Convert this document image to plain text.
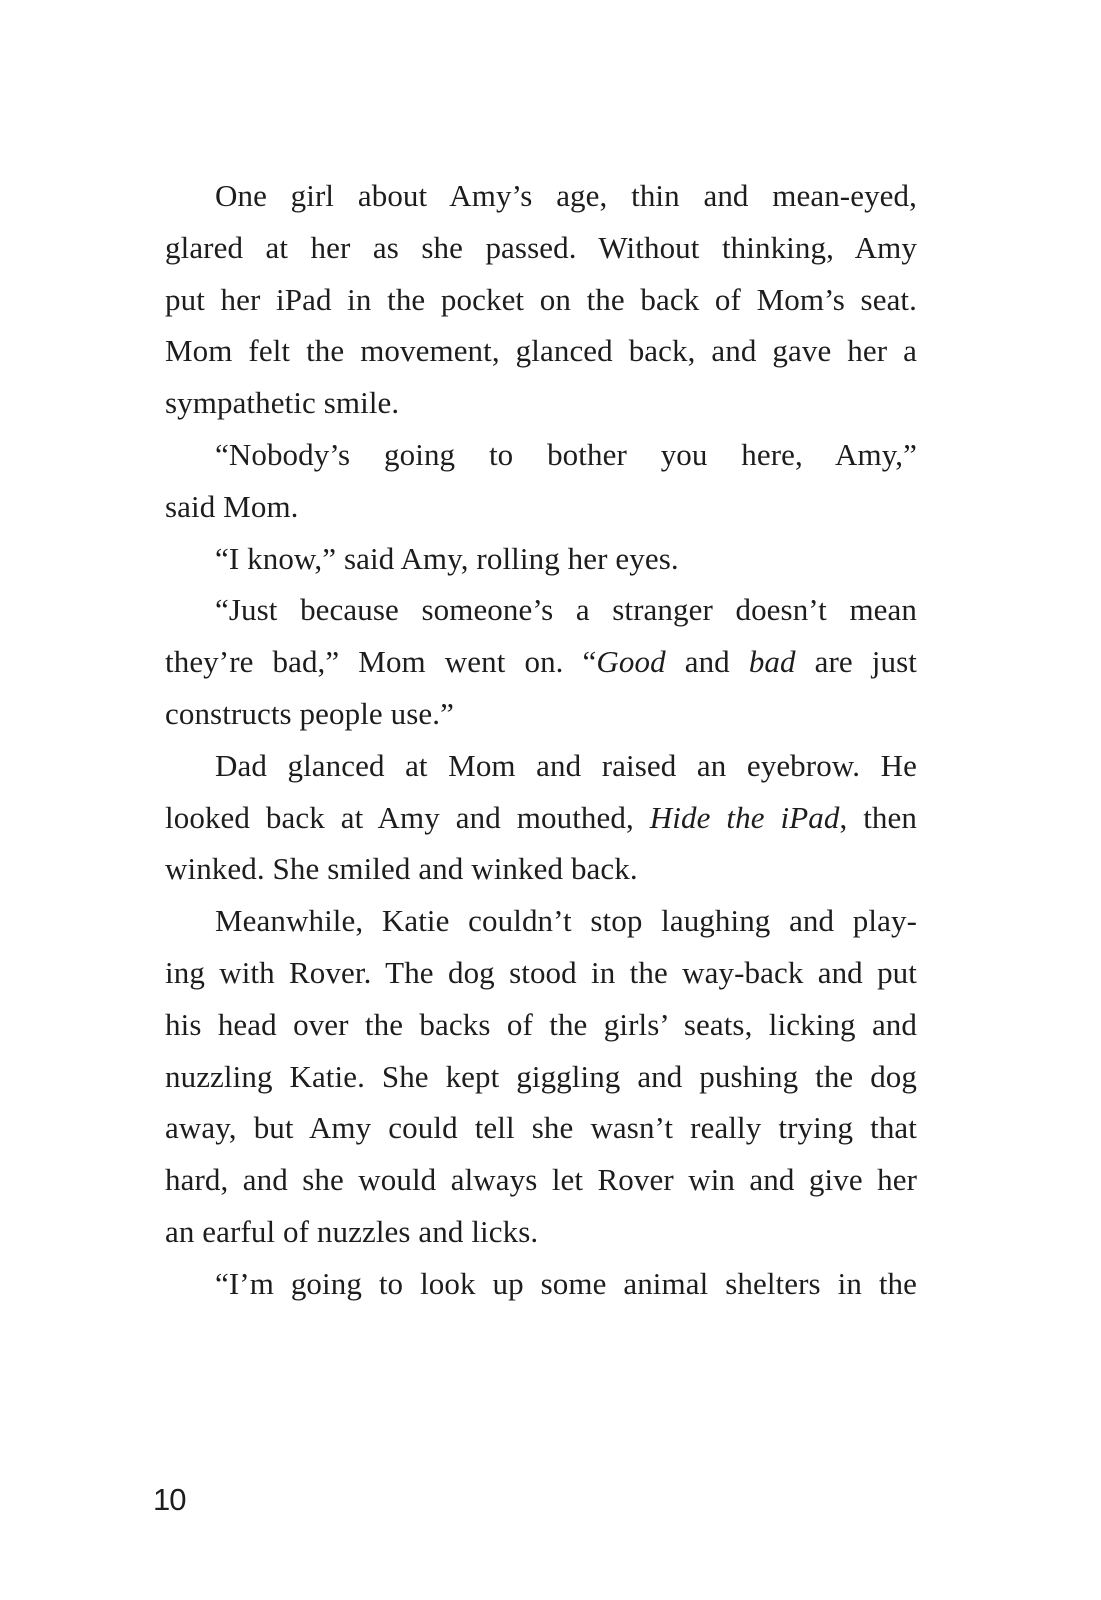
One girl about Amy’s age, thin and mean-eyed,
glared at her as she passed. Without thinking, Amy
put her iPad in the pocket on the back of Mom’s seat.
Mom felt the movement, glanced back, and gave her a
sympathetic smile.
“Nobody’s going to bother you here, Amy,”
said Mom.
“I know,” said Amy, rolling her eyes.
“Just because someone’s a stranger doesn’t mean
they’re bad,” Mom went on. “Good and bad are just
constructs people use.”
Dad glanced at Mom and raised an eyebrow. He
looked back at Amy and mouthed, Hide the iPad, then
winked. She smiled and winked back.
Meanwhile, Katie couldn’t stop laughing and play-
ing with Rover. The dog stood in the way-back and put
his head over the backs of the girls’ seats, licking and
nuzzling Katie. She kept giggling and pushing the dog
away, but Amy could tell she wasn’t really trying that
hard, and she would always let Rover win and give her
an earful of nuzzles and licks.
“I’m going to look up some animal shelters in the
10
